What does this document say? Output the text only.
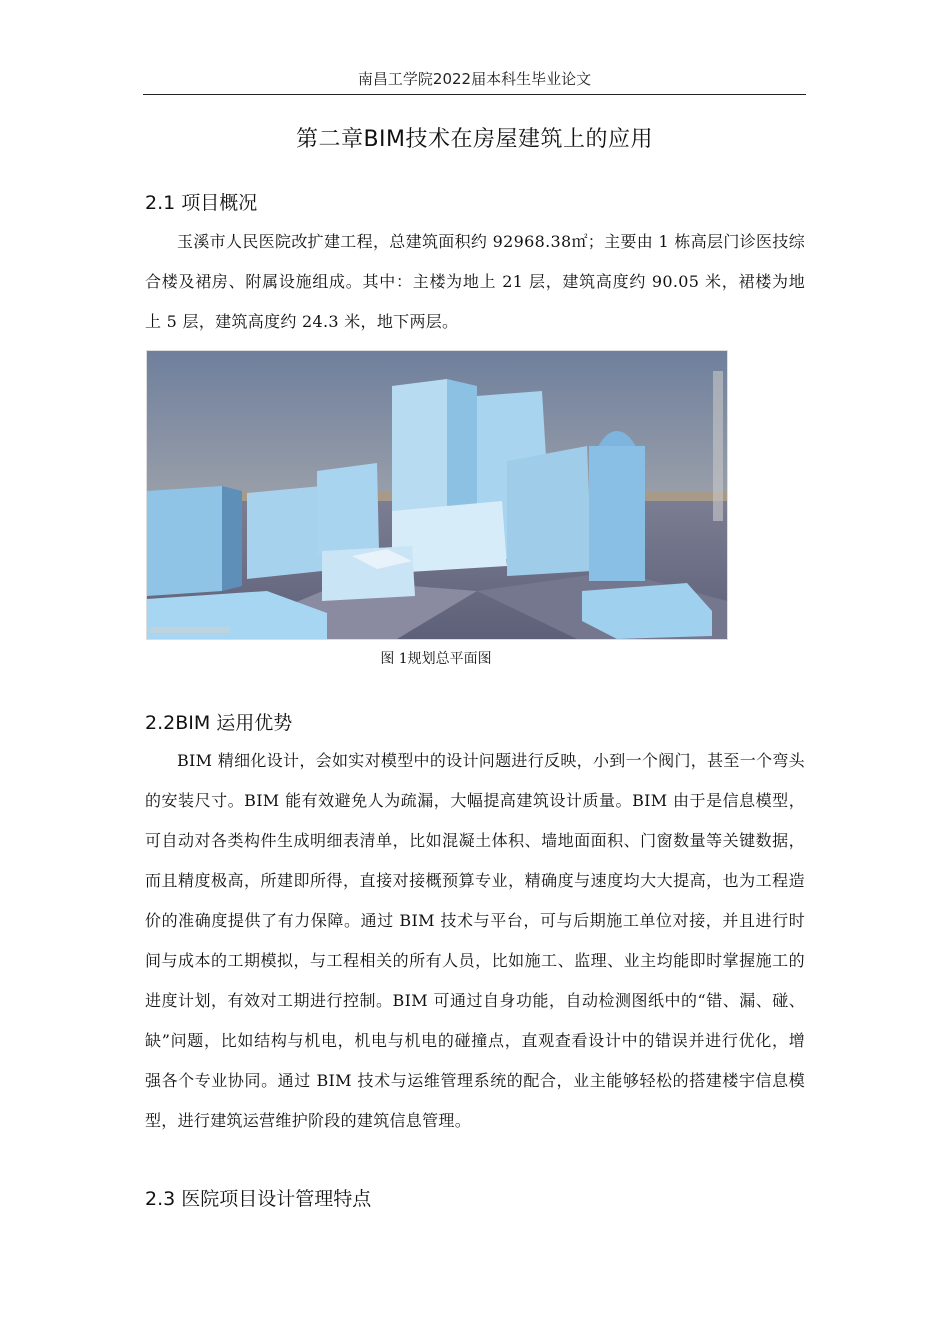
南昌工学院2022届本科生毕业论文
第二章BIM技术在房屋建筑上的应用
2.1 项目概况

玉溪市人民医院改扩建工程，总建筑面积约 92968.38㎡；主要由 1 栋高层门诊医技综合楼及裙房、附属设施组成。其中：主楼为地上 21 层，建筑高度约 90.05 米，裙楼为地上 5 层，建筑高度约 24.3 米，地下两层。

图 1规划总平面图
2.2BIM 运用优势

BIM 精细化设计，会如实对模型中的设计问题进行反映，小到一个阀门，甚至一个弯头的安装尺寸。BIM 能有效避免人为疏漏，大幅提高建筑设计质量。BIM 由于是信息模型，可自动对各类构件生成明细表清单，比如混凝土体积、墙地面面积、门窗数量等关键数据，而且精度极高，所建即所得，直接对接概预算专业，精确度与速度均大大提高，也为工程造价的准确度提供了有力保障。通过 BIM 技术与平台，可与后期施工单位对接，并且进行时间与成本的工期模拟，与工程相关的所有人员，比如施工、监理、业主均能即时掌握施工的进度计划，有效对工期进行控制。BIM 可通过自身功能，自动检测图纸中的“错、漏、碰、缺”问题，比如结构与机电，机电与机电的碰撞点，直观查看设计中的错误并进行优化，增强各个专业协同。通过 BIM 技术与运维管理系统的配合，业主能够轻松的搭建楼宇信息模型，进行建筑运营维护阶段的建筑信息管理。

2.3 医院项目设计管理特点
